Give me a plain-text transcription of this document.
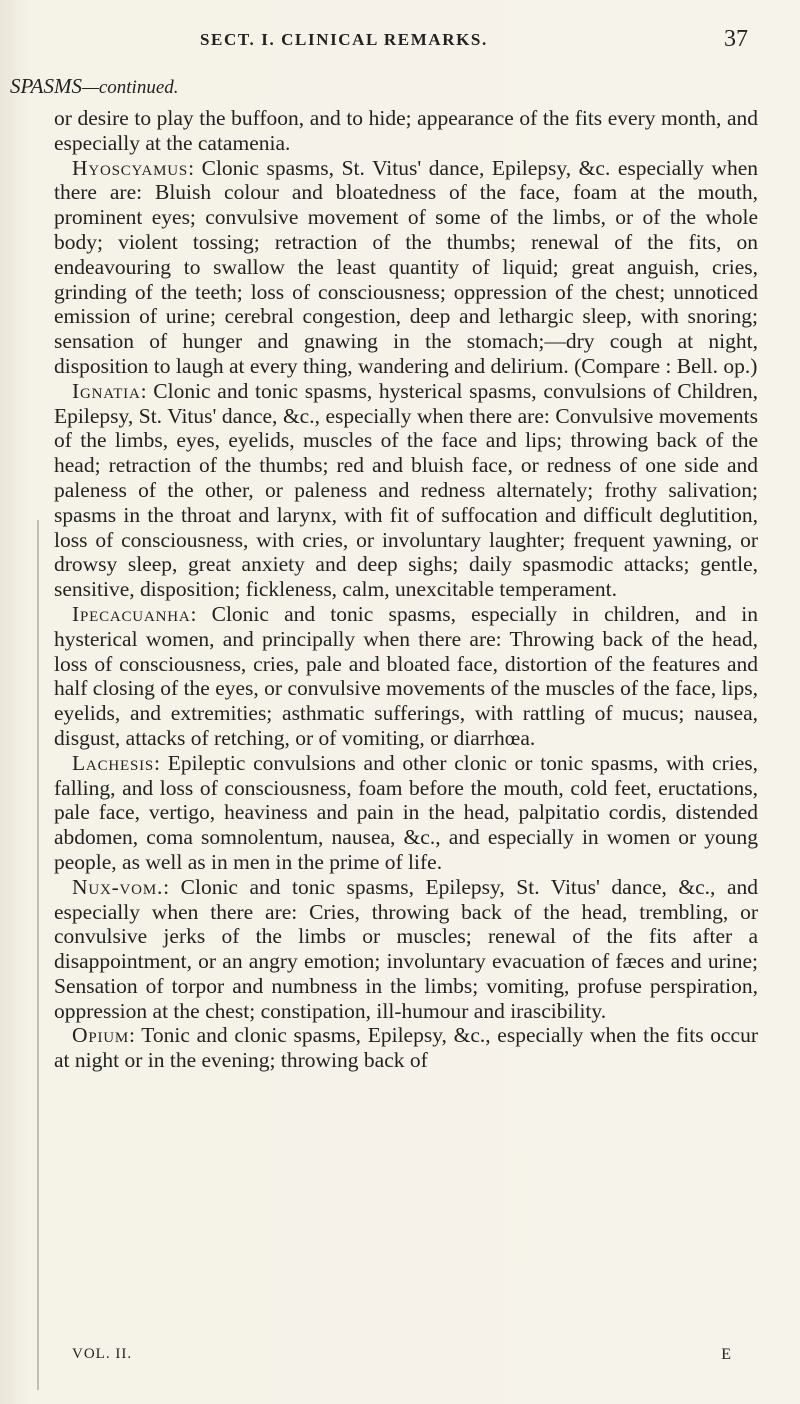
SECT. I. CLINICAL REMARKS.	37
SPASMS—continued.

or desire to play the buffoon, and to hide; appearance of the fits every month, and especially at the catamenia.

Hyoscyamus: Clonic spasms, St. Vitus' dance, Epilepsy, &c. especially when there are: Bluish colour and bloatedness of the face, foam at the mouth, prominent eyes; convulsive movement of some of the limbs, or of the whole body; violent tossing; retraction of the thumbs; renewal of the fits, on endeavouring to swallow the least quantity of liquid; great anguish, cries, grinding of the teeth; loss of consciousness; oppression of the chest; unnoticed emission of urine; cerebral congestion, deep and lethargic sleep, with snoring; sensation of hunger and gnawing in the stomach;—dry cough at night, disposition to laugh at every thing, wandering and delirium. (Compare : Bell. op.)

Ignatia: Clonic and tonic spasms, hysterical spasms, convulsions of Children, Epilepsy, St. Vitus' dance, &c., especially when there are: Convulsive movements of the limbs, eyes, eyelids, muscles of the face and lips; throwing back of the head; retraction of the thumbs; red and bluish face, or redness of one side and paleness of the other, or paleness and redness alternately; frothy salivation; spasms in the throat and larynx, with fit of suffocation and difficult deglutition, loss of consciousness, with cries, or involuntary laughter; frequent yawning, or drowsy sleep, great anxiety and deep sighs; daily spasmodic attacks; gentle, sensitive, disposition; fickleness, calm, unexcitable temperament.

Ipecacuanha: Clonic and tonic spasms, especially in children, and in hysterical women, and principally when there are: Throwing back of the head, loss of consciousness, cries, pale and bloated face, distortion of the features and half closing of the eyes, or convulsive movements of the muscles of the face, lips, eyelids, and extremities; asthmatic sufferings, with rattling of mucus; nausea, disgust, attacks of retching, or of vomiting, or diarrhœa.

Lachesis: Epileptic convulsions and other clonic or tonic spasms, with cries, falling, and loss of consciousness, foam before the mouth, cold feet, eructations, pale face, vertigo, heaviness and pain in the head, palpitatio cordis, distended abdomen, coma somnolentum, nausea, &c., and especially in women or young people, as well as in men in the prime of life.

Nux-vom.: Clonic and tonic spasms, Epilepsy, St. Vitus' dance, &c., and especially when there are: Cries, throwing back of the head, trembling, or convulsive jerks of the limbs or muscles; renewal of the fits after a disappointment, or an angry emotion; involuntary evacuation of fæces and urine; Sensation of torpor and numbness in the limbs; vomiting, profuse perspiration, oppression at the chest; constipation, ill-humour and irascibility.

Opium: Tonic and clonic spasms, Epilepsy, &c., especially when the fits occur at night or in the evening; throwing back of

VOL. II.	E
